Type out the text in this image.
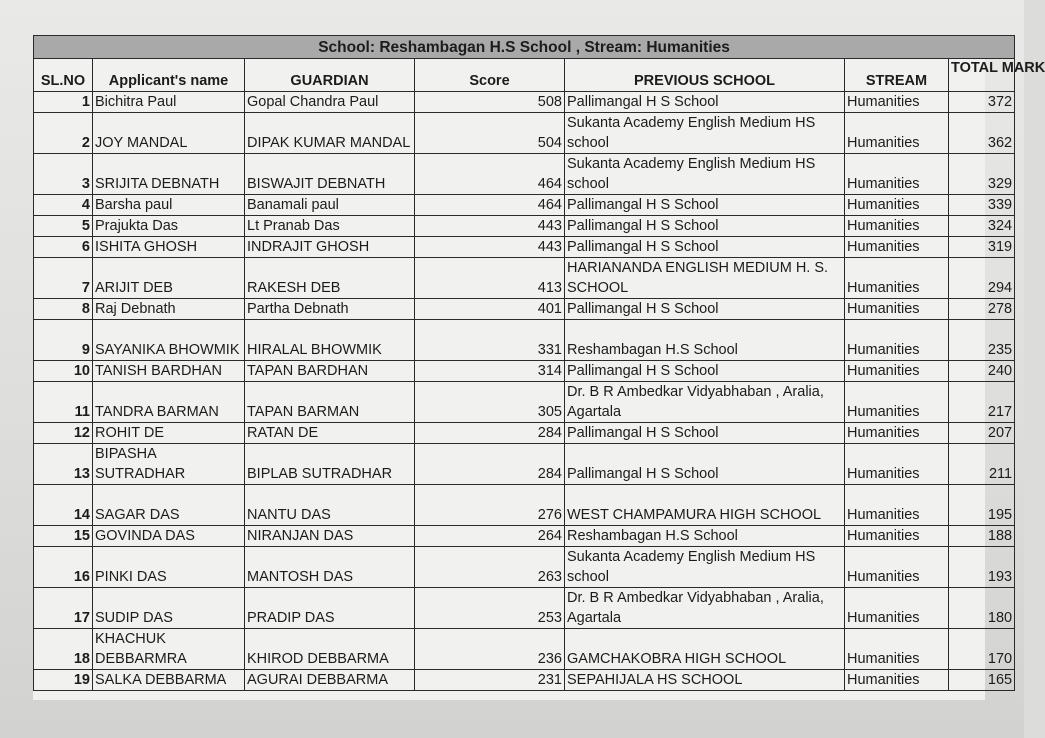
School: Reshambagan H.S School , Stream: Humanities						
SL.NO	Applicant's name	GUARDIAN	Score	PREVIOUS SCHOOL	STREAM	TOTAL MARK
1	Bichitra Paul	Gopal Chandra Paul	508	Pallimangal H S School	Humanities	372
2	JOY MANDAL	DIPAK KUMAR MANDAL	504	Sukanta Academy English Medium HS
school	Humanities	362
3	SRIJITA DEBNATH	BISWAJIT DEBNATH	464	Sukanta Academy English Medium HS
school	Humanities	329
4	Barsha paul	Banamali paul	464	Pallimangal H S School	Humanities	339
5	Prajukta Das	Lt Pranab Das	443	Pallimangal H S School	Humanities	324
6	ISHITA GHOSH	INDRAJIT GHOSH	443	Pallimangal H S School	Humanities	319
7	ARIJIT DEB	RAKESH DEB	413	HARIANANDA ENGLISH MEDIUM H. S.
SCHOOL	Humanities	294
8	Raj Debnath	Partha Debnath	401	Pallimangal H S School	Humanities	278
9	SAYANIKA BHOWMIK	HIRALAL BHOWMIK	331	Reshambagan H.S School	Humanities	235
10	TANISH BARDHAN	TAPAN BARDHAN	314	Pallimangal H S School	Humanities	240
11	TANDRA BARMAN	TAPAN BARMAN	305	Dr. B R Ambedkar Vidyabhaban , Aralia,
Agartala	Humanities	217
12	ROHIT DE	RATAN DE	284	Pallimangal H S School	Humanities	207
13	BIPASHA
SUTRADHAR	BIPLAB SUTRADHAR	284	Pallimangal H S School	Humanities	211
14	SAGAR DAS	NANTU DAS	276	WEST CHAMPAMURA HIGH SCHOOL	Humanities	195
15	GOVINDA DAS	NIRANJAN DAS	264	Reshambagan H.S School	Humanities	188
16	PINKI DAS	MANTOSH DAS	263	Sukanta Academy English Medium HS
school	Humanities	193
17	SUDIP DAS	PRADIP DAS	253	Dr. B R Ambedkar Vidyabhaban , Aralia,
Agartala	Humanities	180
18	KHACHUK
DEBBARMRA	KHIROD DEBBARMA	236	GAMCHAKOBRA HIGH SCHOOL	Humanities	170
19	SALKA DEBBARMA	AGURAI DEBBARMA	231	SEPAHIJALA HS SCHOOL	Humanities	165
